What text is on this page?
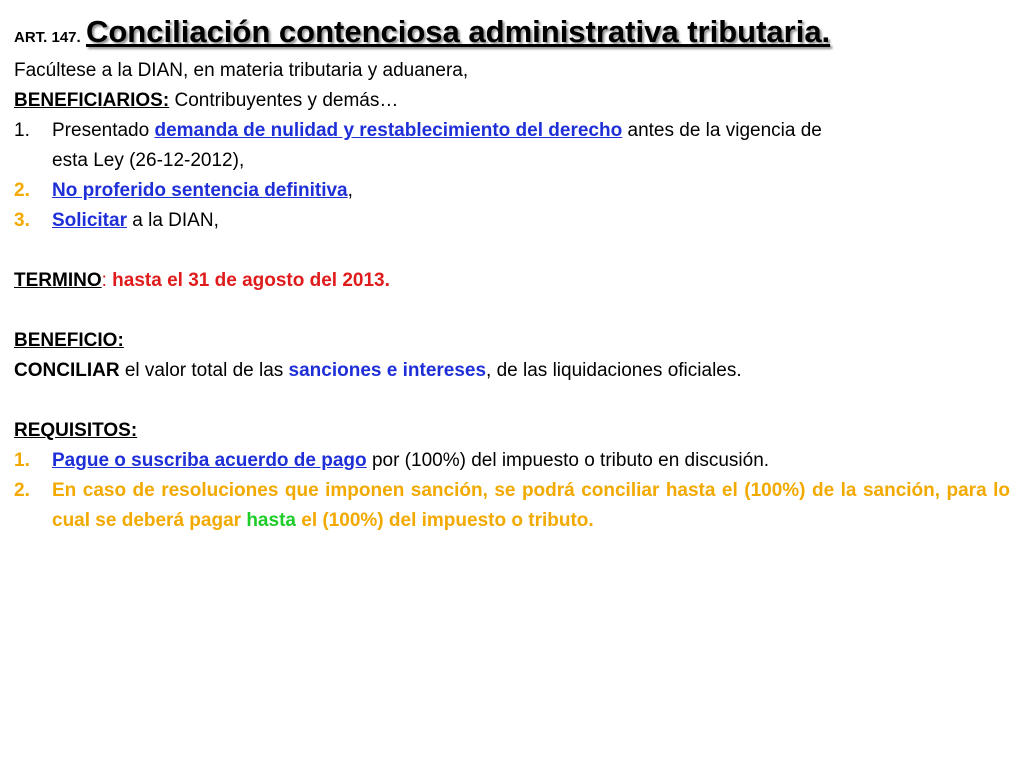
ART. 147. Conciliación contenciosa administrativa tributaria.
Facúltese a la DIAN, en materia tributaria y aduanera,
BENEFICIARIOS: Contribuyentes y demás…
1.	Presentado demanda de nulidad y restablecimiento del derecho antes de la vigencia de
esta Ley (26-12-2012),
2.	No proferido sentencia definitiva,
3.	Solicitar a la DIAN,
TERMINO: hasta el 31 de agosto del 2013.
BENEFICIO:
CONCILIAR el valor total de las sanciones e intereses, de las liquidaciones oficiales.
REQUISITOS:
1.	Pague o suscriba acuerdo de pago por (100%) del impuesto o tributo en discusión.
2.	En caso de resoluciones que imponen sanción, se podrá conciliar hasta el (100%) de la sanción, para lo cual se deberá pagar hasta el (100%) del impuesto o tributo.
